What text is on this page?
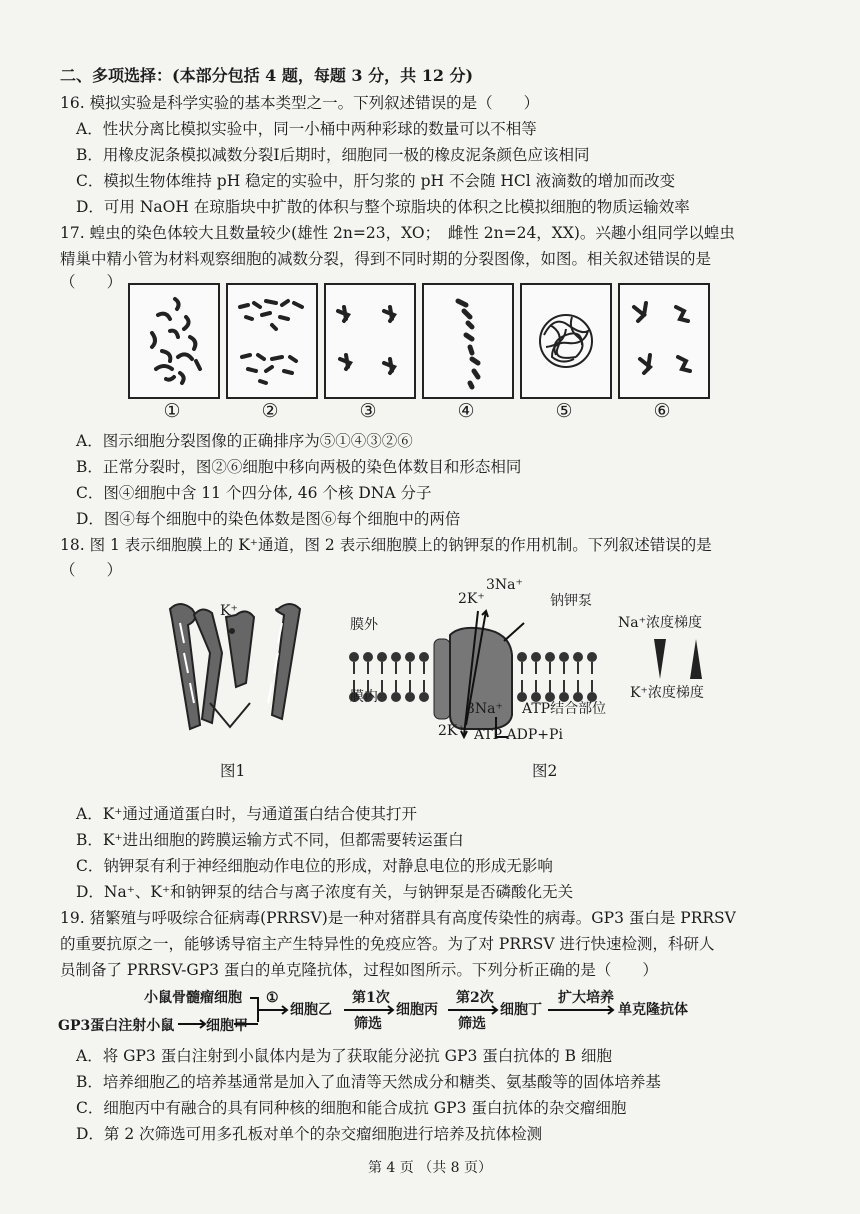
二、多项选择：(本部分包括 4 题，每题 3 分，共 12 分)
16. 模拟实验是科学实验的基本类型之一。下列叙述错误的是（　　）
A．性状分离比模拟实验中，同一小桶中两种彩球的数量可以不相等
B．用橡皮泥条模拟减数分裂Ⅰ后期时，细胞同一极的橡皮泥条颜色应该相同
C．模拟生物体维持 pH 稳定的实验中，肝匀浆的 pH 不会随 HCl 液滴数的增加而改变
D．可用 NaOH 在琼脂块中扩散的体积与整个琼脂块的体积之比模拟细胞的物质运输效率
17. 蝗虫的染色体较大且数量较少(雄性 2n=23，XO；　雌性 2n=24，XX)。兴趣小组同学以蝗虫
精巢中精小管为材料观察细胞的减数分裂，得到不同时期的分裂图像，如图。相关叙述错误的是
（　　）
①	②	③	④	⑤	⑥
A．图示细胞分裂图像的正确排序为⑤①④③②⑥
B．正常分裂时，图②⑥细胞中移向两极的染色体数目和形态相同
C．图④细胞中含 11 个四分体, 46 个核 DNA 分子
D．图④每个细胞中的染色体数是图⑥每个细胞中的两倍
18. 图 1 表示细胞膜上的 K⁺通道，图 2 表示细胞膜上的钠钾泵的作用机制。下列叙述错误的是
（　　）
K⁺
图1
膜外
膜内
3Na⁺
2K⁺	钠钾泵
3Na⁺ ATP结合部位
2K⁺ ATP ADP+Pi
图2
Na⁺浓度梯度
K⁺浓度梯度
A．K⁺通过通道蛋白时，与通道蛋白结合使其打开
B．K⁺进出细胞的跨膜运输方式不同，但都需要转运蛋白
C．钠钾泵有利于神经细胞动作电位的形成，对静息电位的形成无影响
D．Na⁺、K⁺和钠钾泵的结合与离子浓度有关，与钠钾泵是否磷酸化无关
19. 猪繁殖与呼吸综合征病毒(PRRSV)是一种对猪群具有高度传染性的病毒。GP3 蛋白是 PRRSV
的重要抗原之一，能够诱导宿主产生特异性的免疫应答。为了对 PRRSV 进行快速检测，科研人
员制备了 PRRSV-GP3 蛋白的单克隆抗体，过程如图所示。下列分析正确的是（　　）
小鼠骨髓瘤细胞
GP3蛋白注射小鼠 细胞甲
①
细胞乙
第1次
筛选
细胞丙
第2次
筛选
细胞丁
扩大培养
单克隆抗体
A．将 GP3 蛋白注射到小鼠体内是为了获取能分泌抗 GP3 蛋白抗体的 B 细胞
B．培养细胞乙的培养基通常是加入了血清等天然成分和糖类、氨基酸等的固体培养基
C．细胞丙中有融合的具有同种核的细胞和能合成抗 GP3 蛋白抗体的杂交瘤细胞
D．第 2 次筛选可用多孔板对单个的杂交瘤细胞进行培养及抗体检测
第 4 页 （共 8 页）
